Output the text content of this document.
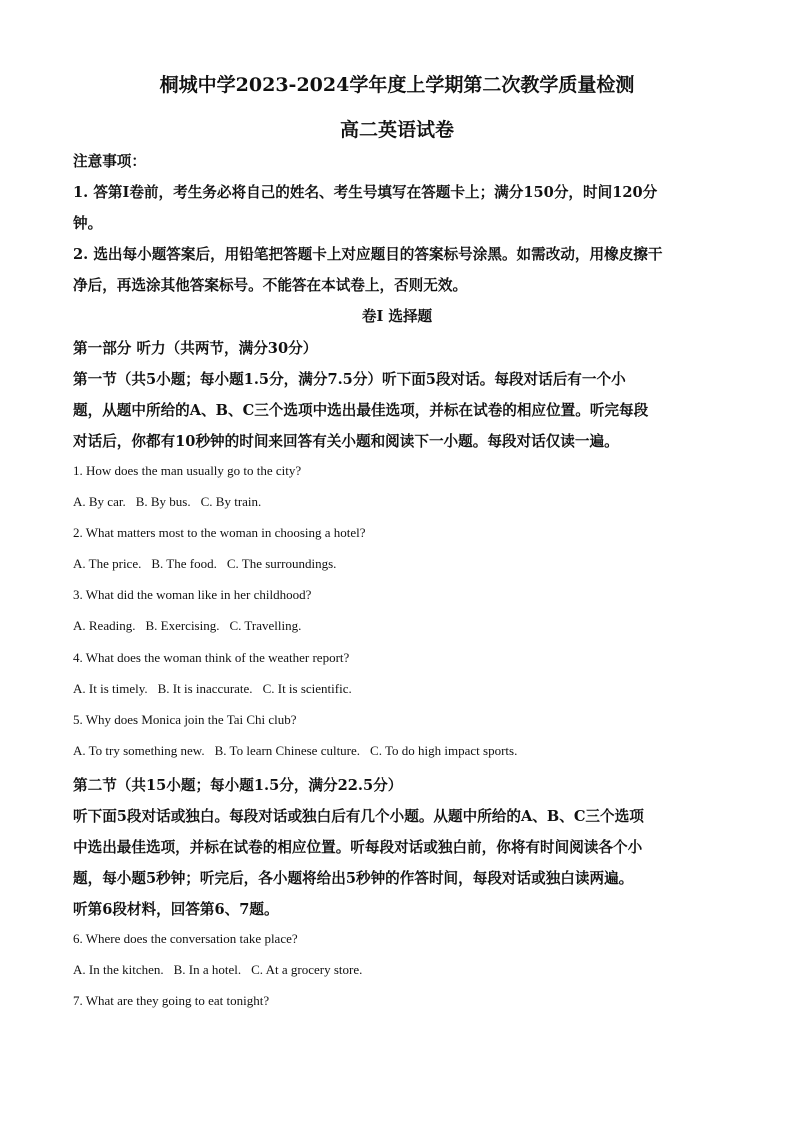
桐城中学2023-2024学年度上学期第二次教学质量检测
高二英语试卷
注意事项：
1. 答第I卷前，考生务必将自己的姓名、考生号填写在答题卡上；满分150分，时间120分
钟。
2. 选出每小题答案后，用铅笔把答题卡上对应题目的答案标号涂黑。如需改动，用橡皮擦干
净后，再选涂其他答案标号。不能答在本试卷上，否则无效。
卷I 选择题
第一部分 听力（共两节，满分30分）
第一节（共5小题；每小题1.5分，满分7.5分）听下面5段对话。每段对话后有一个小
题，从题中所给的A、B、C三个选项中选出最佳选项，并标在试卷的相应位置。听完每段
对话后，你都有10秒钟的时间来回答有关小题和阅读下一小题。每段对话仅读一遍。
1. How does the man usually go to the city?
A. By car. B. By bus. C. By train.
2. What matters most to the woman in choosing a hotel?
A. The price. B. The food. C. The surroundings.
3. What did the woman like in her childhood?
A. Reading. B. Exercising. C. Travelling.
4. What does the woman think of the weather report?
A. It is timely. B. It is inaccurate. C. It is scientific.
5. Why does Monica join the Tai Chi club?
A. To try something new. B. To learn Chinese culture. C. To do high impact sports.
第二节（共15小题；每小题1.5分，满分22.5分）
听下面5段对话或独白。每段对话或独白后有几个小题。从题中所给的A、B、C三个选项
中选出最佳选项，并标在试卷的相应位置。听每段对话或独白前，你将有时间阅读各个小
题，每小题5秒钟；听完后，各小题将给出5秒钟的作答时间，每段对话或独白读两遍。
听第6段材料，回答第6、7题。
6. Where does the conversation take place?
A. In the kitchen. B. In a hotel. C. At a grocery store.
7. What are they going to eat tonight?
